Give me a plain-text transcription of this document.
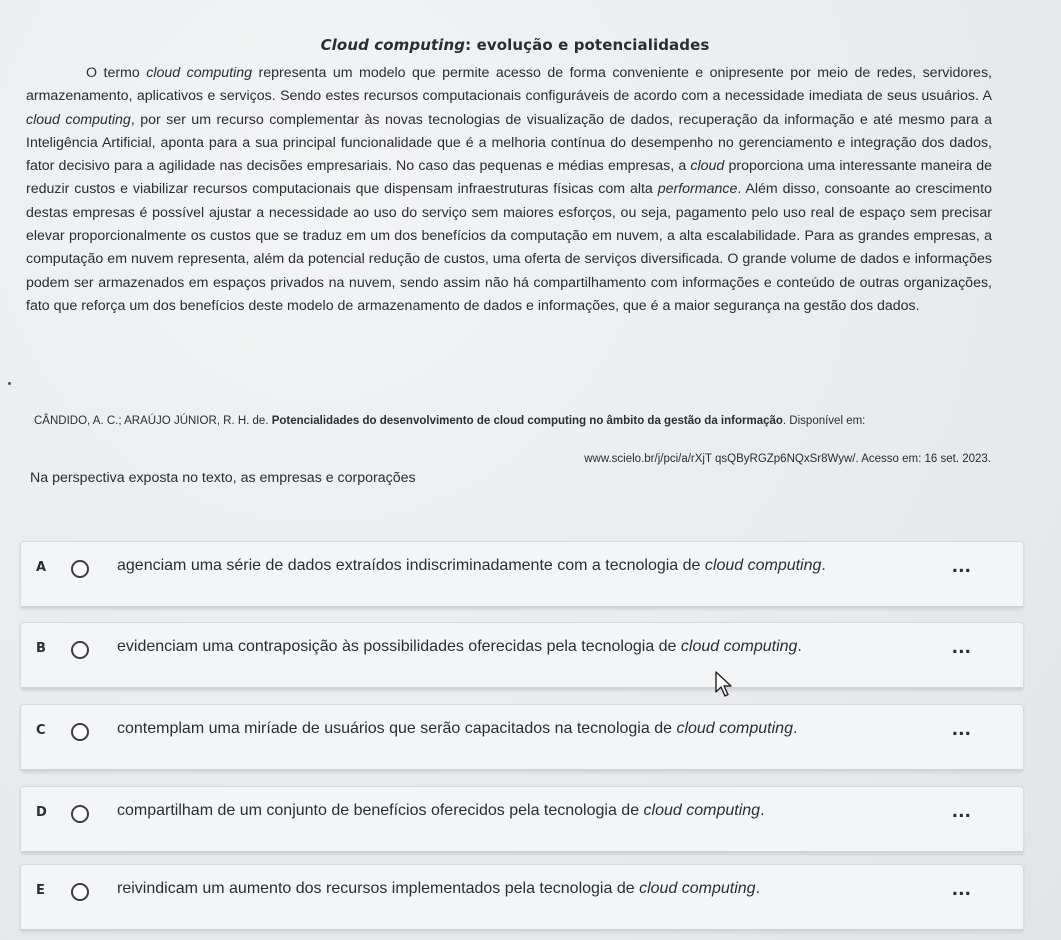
Cloud computing: evolução e potencialidades
O termo cloud computing representa um modelo que permite acesso de forma conveniente e onipresente por meio de redes, servidores, armazenamento, aplicativos e serviços. Sendo estes recursos computacionais configuráveis de acordo com a necessidade imediata de seus usuários. A cloud computing, por ser um recurso complementar às novas tecnologias de visualização de dados, recuperação da informação e até mesmo para a Inteligência Artificial, aponta para a sua principal funcionalidade que é a melhoria contínua do desempenho no gerenciamento e integração dos dados, fator decisivo para a agilidade nas decisões empresariais. No caso das pequenas e médias empresas, a cloud proporciona uma interessante maneira de reduzir custos e viabilizar recursos computacionais que dispensam infraestruturas físicas com alta performance. Além disso, consoante ao crescimento destas empresas é possível ajustar a necessidade ao uso do serviço sem maiores esforços, ou seja, pagamento pelo uso real de espaço sem precisar elevar proporcionalmente os custos que se traduz em um dos benefícios da computação em nuvem, a alta escalabilidade. Para as grandes empresas, a computação em nuvem representa, além da potencial redução de custos, uma oferta de serviços diversificada. O grande volume de dados e informações podem ser armazenados em espaços privados na nuvem, sendo assim não há compartilhamento com informações e conteúdo de outras organizações, fato que reforça um dos benefícios deste modelo de armazenamento de dados e informações, que é a maior segurança na gestão dos dados.
CÂNDIDO, A. C.; ARAÚJO JÚNIOR, R. H. de. Potencialidades do desenvolvimento de cloud computing no âmbito da gestão da informação. Disponível em:
www.scielo.br/j/pci/a/rXjT qsQByRGZp6NQxSr8Wyw/. Acesso em: 16 set. 2023.
Na perspectiva exposta no texto, as empresas e corporações
A	agenciam uma série de dados extraídos indiscriminadamente com a tecnologia de cloud computing.	...
B	evidenciam uma contraposição às possibilidades oferecidas pela tecnologia de cloud computing.	...
C	contemplam uma miríade de usuários que serão capacitados na tecnologia de cloud computing.	...
D	compartilham de um conjunto de benefícios oferecidos pela tecnologia de cloud computing.	...
E	reivindicam um aumento dos recursos implementados pela tecnologia de cloud computing.	...
